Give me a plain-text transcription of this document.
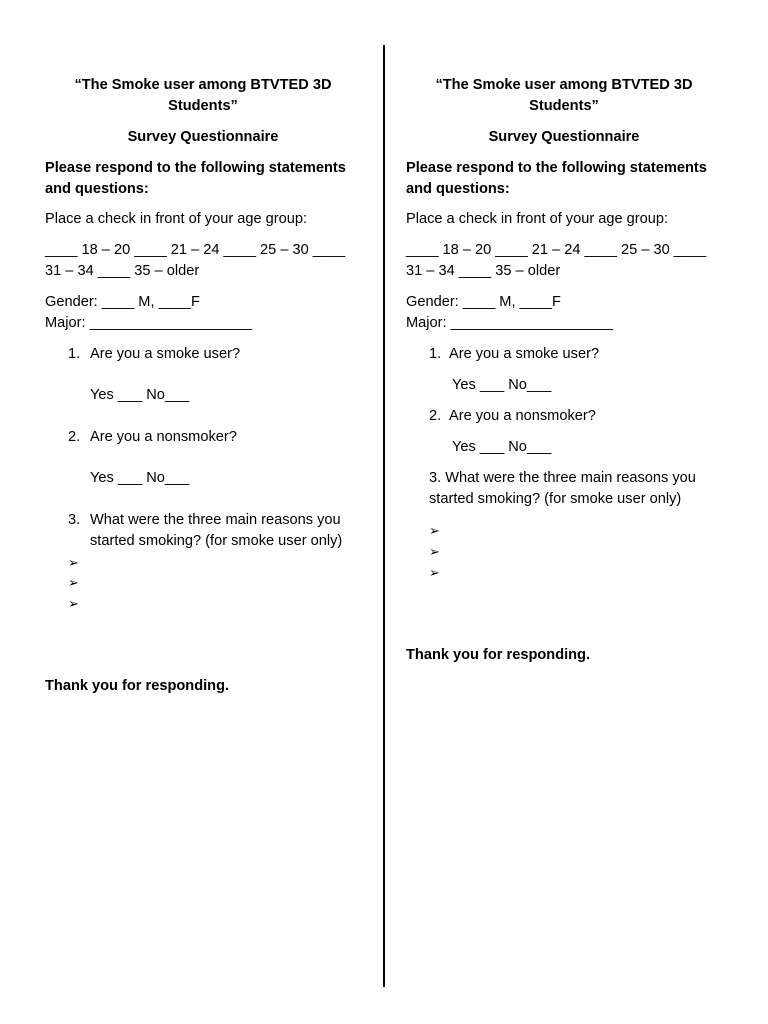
“The Smoke user among BTVTED 3D Students”
Survey Questionnaire
Please respond to the following statements and questions:
Place a check in front of your age group:
____ 18 – 20 ____ 21 – 24 ____ 25 – 30 ____
31 – 34 ____ 35 – older
Gender: ____ M, ____F
Major: ____________________
1. Are you a smoke user?
Yes ___ No___
2. Are you a nonsmoker?
Yes ___ No___
3. What were the three main reasons you
started smoking? (for smoke user only)
➢
➢
➢
Thank you for responding.
“The Smoke user among BTVTED 3D Students”
Survey Questionnaire
Please respond to the following statements and questions:
Place a check in front of your age group:
____ 18 – 20 ____ 21 – 24 ____ 25 – 30 ____
31 – 34 ____ 35 – older
Gender: ____ M, ____F
Major: ____________________
1. Are you a smoke user?
Yes ___ No___
2. Are you a nonsmoker?
Yes ___ No___
3. What were the three main reasons you
started smoking? (for smoke user only)
➢
➢
➢
Thank you for responding.
